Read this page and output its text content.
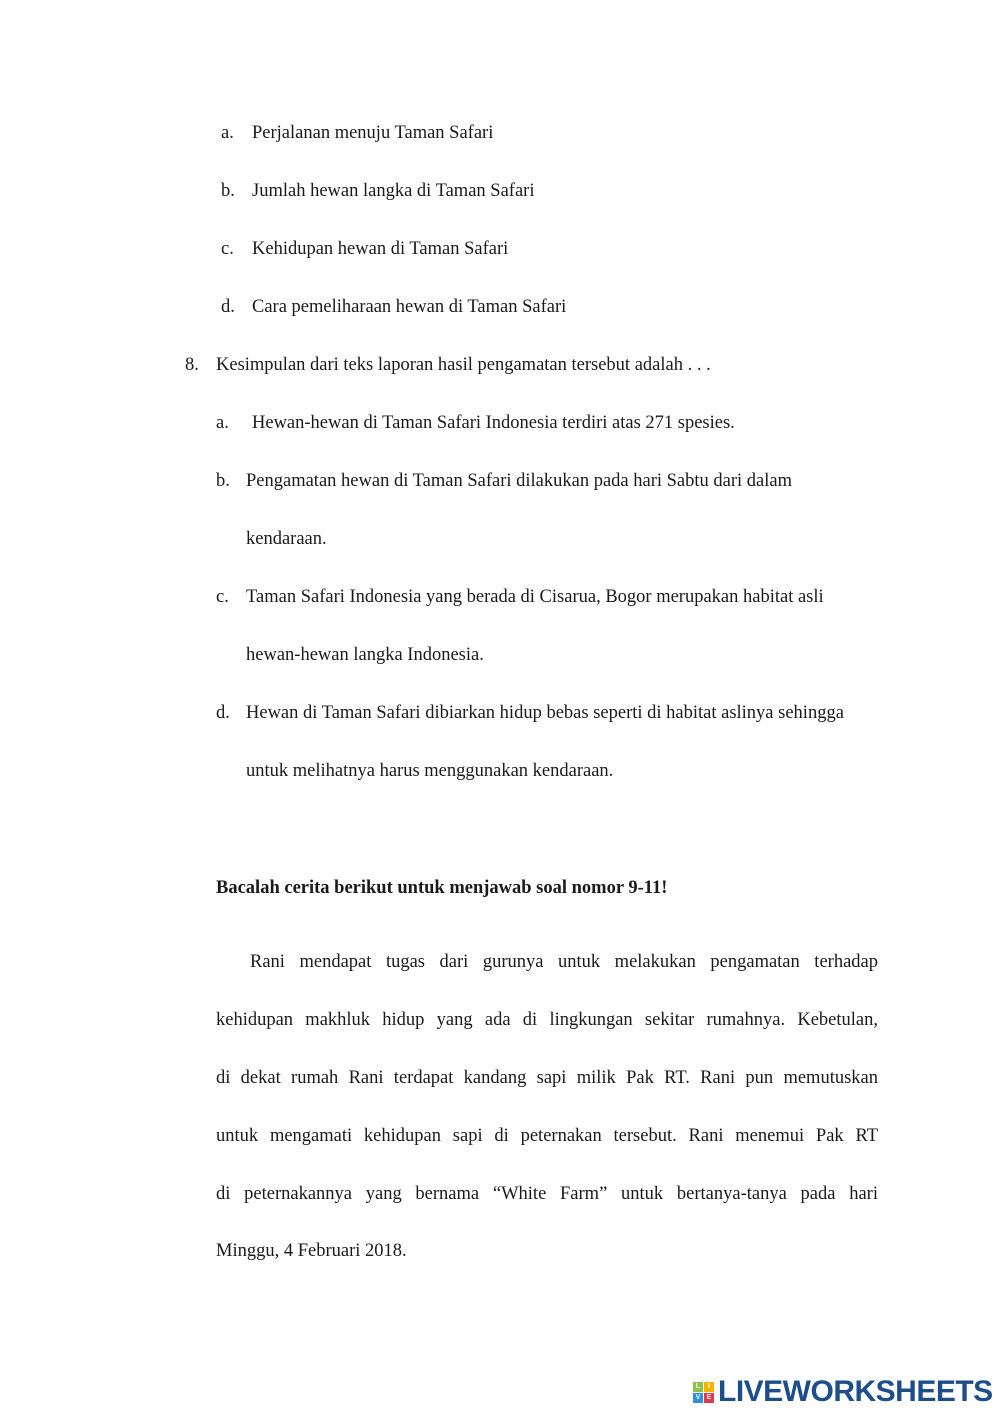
a. Perjalanan menuju Taman Safari
b. Jumlah hewan langka di Taman Safari
c. Kehidupan hewan di Taman Safari
d. Cara pemeliharaan hewan di Taman Safari
8. Kesimpulan dari teks laporan hasil pengamatan tersebut adalah . . .
a. Hewan-hewan di Taman Safari Indonesia terdiri atas 271 spesies.
b. Pengamatan hewan di Taman Safari dilakukan pada hari Sabtu dari dalam
kendaraan.
c. Taman Safari Indonesia yang berada di Cisarua, Bogor merupakan habitat asli
hewan-hewan langka Indonesia.
d. Hewan di Taman Safari dibiarkan hidup bebas seperti di habitat aslinya sehingga
untuk melihatnya harus menggunakan kendaraan.
Bacalah cerita berikut untuk menjawab soal nomor 9-11!
Rani mendapat tugas dari gurunya untuk melakukan pengamatan terhadap
kehidupan makhluk hidup yang ada di lingkungan sekitar rumahnya. Kebetulan,
di dekat rumah Rani terdapat kandang sapi milik Pak RT. Rani pun memutuskan
untuk mengamati kehidupan sapi di peternakan tersebut. Rani menemui Pak RT
di peternakannya yang bernama “White Farm” untuk bertanya-tanya pada hari
Minggu, 4 Februari 2018.
L	I
V E LIVEWORKSHEETS
